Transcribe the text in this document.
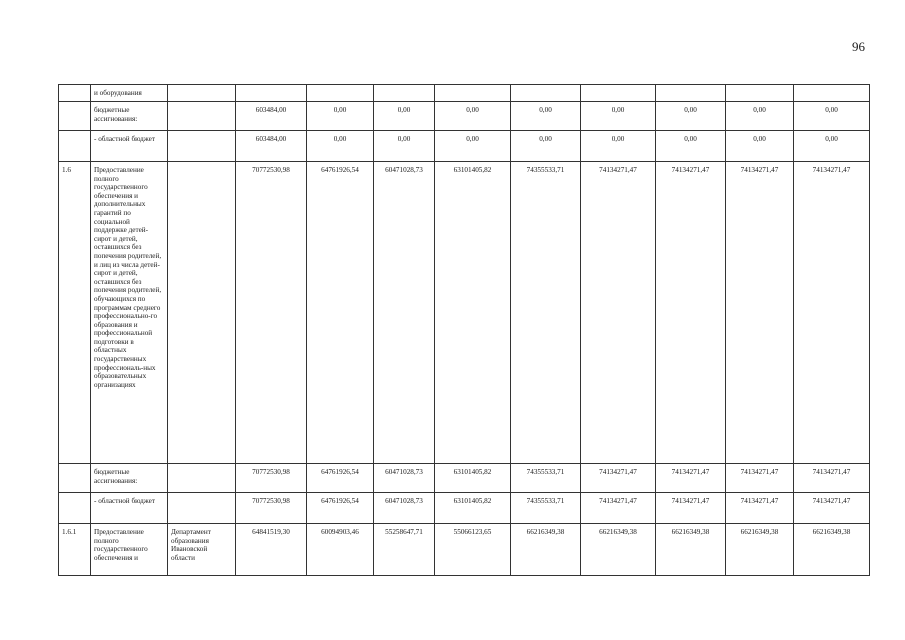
96
	и оборудования											
	бюджетные ассигнования:		603484,00	0,00	0,00	0,00	0,00	0,00	0,00	0,00	0,00	
	- областной бюджет		603484,00	0,00	0,00	0,00	0,00	0,00	0,00	0,00	0,00	
1.6	Предоставление полного государственного обеспечения и дополнительных гарантий по социальной поддержке детей-сирот и детей, оставшихся без попечения родителей, и лиц из числа детей-сирот и детей, оставшихся без попечения родителей, обучающихся по программам среднего профессионально-го образования и профессиональной подготовки в областных государственных профессиональ-ных образовательных организациях		70772530,98	64761926,54	60471028,73	63101405,82	74355533,71	74134271,47	74134271,47	74134271,47	74134271,47	
	бюджетные ассигнования:		70772530,98	64761926,54	60471028,73	63101405,82	74355533,71	74134271,47	74134271,47	74134271,47	74134271,47	
	- областной бюджет		70772530,98	64761926,54	60471028,73	63101405,82	74355533,71	74134271,47	74134271,47	74134271,47	74134271,47	
1.6.1	Предоставление полного государственного обеспечения и	Департамент образования Ивановской области	64841519,30	60094903,46	55258647,71	55066123,65	66216349,38	66216349,38	66216349,38	66216349,38	66216349,38	
